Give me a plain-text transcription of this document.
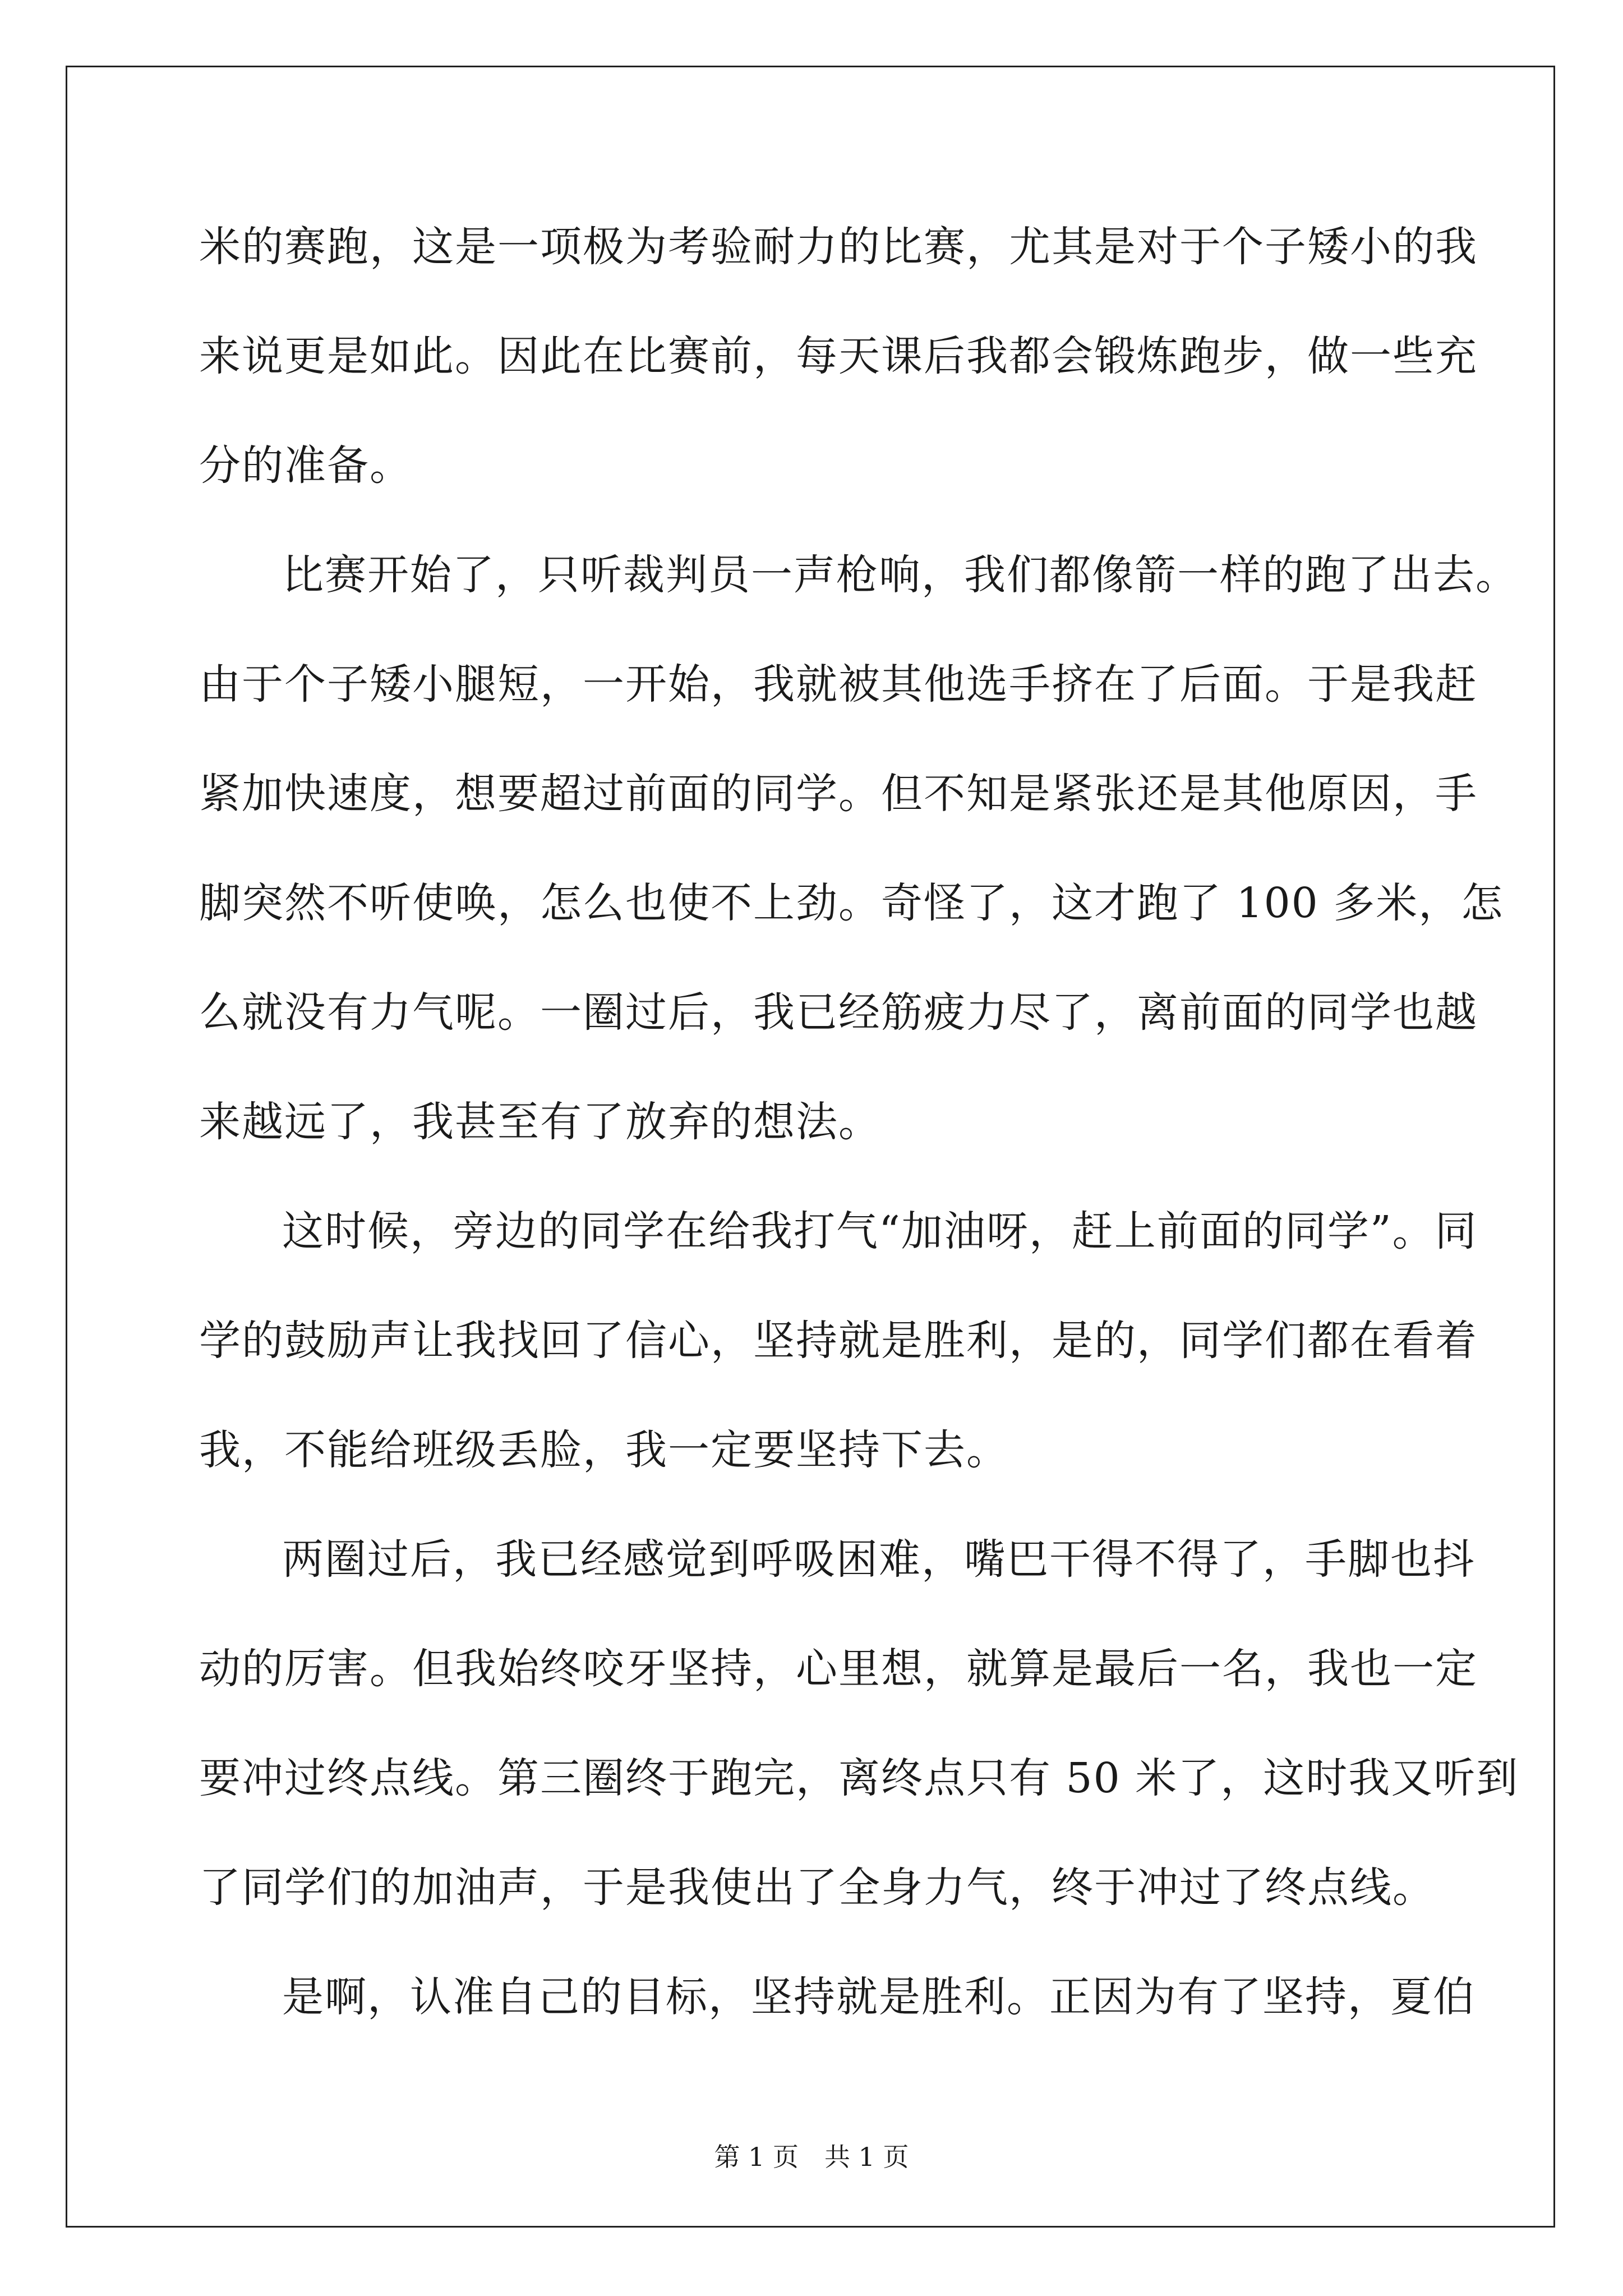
米的赛跑，这是一项极为考验耐力的比赛，尤其是对于个子矮小的我
来说更是如此。因此在比赛前，每天课后我都会锻炼跑步，做一些充
分的准备。
比赛开始了，只听裁判员一声枪响，我们都像箭一样的跑了出去。
由于个子矮小腿短，一开始，我就被其他选手挤在了后面。于是我赶
紧加快速度，想要超过前面的同学。但不知是紧张还是其他原因，手
脚突然不听使唤，怎么也使不上劲。奇怪了，这才跑了 100 多米，怎
么就没有力气呢。一圈过后，我已经筋疲力尽了，离前面的同学也越
来越远了，我甚至有了放弃的想法。
这时候，旁边的同学在给我打气“加油呀，赶上前面的同学”。同
学的鼓励声让我找回了信心，坚持就是胜利，是的，同学们都在看着
我，不能给班级丢脸，我一定要坚持下去。
两圈过后，我已经感觉到呼吸困难，嘴巴干得不得了，手脚也抖
动的厉害。但我始终咬牙坚持，心里想，就算是最后一名，我也一定
要冲过终点线。第三圈终于跑完，离终点只有 50 米了，这时我又听到
了同学们的加油声，于是我使出了全身力气，终于冲过了终点线。
是啊，认准自己的目标，坚持就是胜利。正因为有了坚持，夏伯
第 1 页　共 1 页
